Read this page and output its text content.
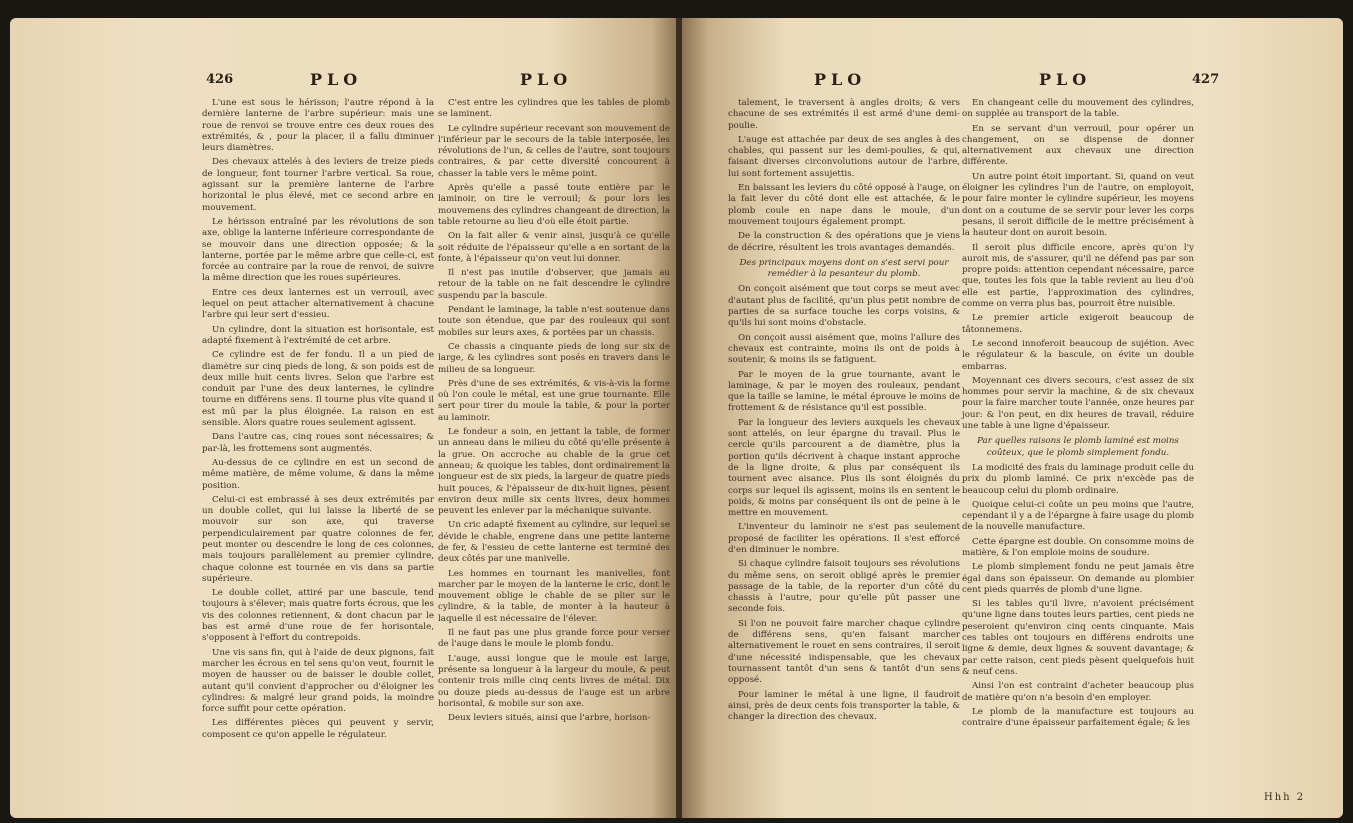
426	PLO	PLO

L'une est sous le hérisson; l'autre répond à la dernière lanterne de l'arbre supérieur: mais une roue de renvoi se trouve entre ces deux roues des extrémités, & , pour la placer, il a fallu diminuer leurs diamètres.

Des chevaux attelés à des leviers de treize pieds de longueur, font tourner l'arbre vertical. Sa roue, agissant sur la première lanterne de l'arbre horizontal le plus élevé, met ce second arbre en mouvement.

Le hérisson entraîné par les révolutions de son axe, oblige la lanterne inférieure correspondante de se mouvoir dans une direction opposée; & la lanterne, portée par le même arbre que celle-ci, est forcée au contraire par la roue de renvoi, de suivre la même direction que les roues supérieures.

Entre ces deux lanternes est un verrouil, avec lequel on peut attacher alternativement à chacune l'arbre qui leur sert d'essieu.

Un cylindre, dont la situation est horisontale, est adapté fixement à l'extrémité de cet arbre.

Ce cylindre est de fer fondu. Il a un pied de diamètre sur cinq pieds de long, & son poids est de deux mille huit cents livres. Selon que l'arbre est conduit par l'une des deux lanternes, le cylindre tourne en différens sens. Il tourne plus vîte quand il est mû par la plus éloignée. La raison en est sensible. Alors quatre roues seulement agissent.

Dans l'autre cas, cinq roues sont nécessaires; & par-là, les frottemens sont augmentés.

Au-dessus de ce cylindre en est un second de même matière, de même volume, & dans la même position.

Celui-ci est embrassé à ses deux extrémités par un double collet, qui lui laisse la liberté de se mouvoir sur son axe, qui traverse perpendiculairement par quatre colonnes de fer, peut monter ou descendre le long de ces colonnes, mais toujours parallèlement au premier cylindre, chaque colonne est tournée en vis dans sa partie supérieure.

Le double collet, attiré par une bascule, tend toujours à s'élever; mais quatre forts écrous, que les vis des colonnes retiennent, & dont chacun par le bas est armé d'une roue de fer horisontale, s'opposent à l'effort du contrepoids.

Une vis sans fin, qui à l'aide de deux pignons, fait marcher les écrous en tel sens qu'on veut, fournit le moyen de hausser ou de baisser le double collet, autant qu'il convient d'approcher ou d'éloigner les cylindres: & malgré leur grand poids, la moindre force suffit pour cette opération.

Les différentes pièces qui peuvent y servir, composent ce qu'on appelle le régulateur.

C'est entre les cylindres que les tables de plomb se laminent.

Le cylindre supérieur recevant son mouvement de l'inférieur par le secours de la table interposée, les révolutions de l'un, & celles de l'autre, sont toujours contraires, & par cette diversité concourent à chasser la table vers le même point.

Après qu'elle a passé toute entière par le laminoir, on tire le verrouil; & pour lors les mouvemens des cylindres changeant de direction, la table retourne au lieu d'où elle étoit partie.

On la fait aller & venir ainsi, jusqu'à ce qu'elle soit réduite de l'épaisseur qu'elle a en sortant de la fonte, à l'épaisseur qu'on veut lui donner.

Il n'est pas inutile d'observer, que jamais au retour de la table on ne fait descendre le cylindre suspendu par la bascule.

Pendant le laminage, la table n'est soutenue dans toute son étendue, que par des rouleaux qui sont mobiles sur leurs axes, & portées par un chassis.

Ce chassis a cinquante pieds de long sur six de large, & les cylindres sont posés en travers dans le milieu de sa longueur.

Près d'une de ses extrémités, & vis-à-vis la forme où l'on coule le métal, est une grue tournante. Elle sert pour tirer du moule la table, & pour la porter au laminoir.

Le fondeur a soin, en jettant la table, de former un anneau dans le milieu du côté qu'elle présente à la grue. On accroche au chable de la grue cet anneau; & quoique les tables, dont ordinairement la longueur est de six pieds, la largeur de quatre pieds huit pouces, & l'épaisseur de dix-huit lignes, pèsent environ deux mille six cents livres, deux hommes peuvent les enlever par la méchanique suivante.

Un cric adapté fixement au cylindre, sur lequel se dévide le chable, engrene dans une petite lanterne de fer, & l'essieu de cette lanterne est terminé des deux côtés par une manivelle.

Les hommes en tournant les manivelles, font marcher par le moyen de la lanterne le cric, dont le mouvement oblige le chable de se plier sur le cylindre, & la table, de monter à la hauteur à laquelle il est nécessaire de l'élever.

Il ne faut pas une plus grande force pour verser de l'auge dans le moule le plomb fondu.

L'auge, aussi longue que le moule est large, présente sa longueur à la largeur du moule, & peut contenir trois mille cinq cents livres de métal. Dix ou douze pieds au-dessus de l'auge est un arbre horisontal, & mobile sur son axe.

Deux leviers situés, ainsi que l'arbre, horison-

PLO	PLO	427

talement, le traversent à angles droits; & vers chacune de ses extrémités il est armé d'une demi-poulie.

L'auge est attachée par deux de ses angles à des chables, qui passent sur les demi-poulies, & qui, faisant diverses circonvolutions autour de l'arbre, lui sont fortement assujettis.

En baissant les leviers du côté opposé à l'auge, on la fait lever du côté dont elle est attachée, & le plomb coule en nape dans le moule, d'un mouvement toujours également prompt.

De la construction & des opérations que je viens de décrire, résultent les trois avantages demandés.

Des principaux moyens dont on s'est servi pour remédier à la pesanteur du plomb.

On conçoit aisément que tout corps se meut avec d'autant plus de facilité, qu'un plus petit nombre de parties de sa surface touche les corps voisins, & qu'ils lui sont moins d'obstacle.

On conçoit aussi aisément que, moins l'allure des chevaux est contrainte, moins ils ont de poids à soutenir, & moins ils se fatiguent.

Par le moyen de la grue tournante, avant le laminage, & par le moyen des rouleaux, pendant que la taille se lamine, le métal éprouve le moins de frottement & de résistance qu'il est possible.

Par la longueur des leviers auxquels les chevaux sont attelés, on leur épargne du travail. Plus le cercle qu'ils parcourent a de diamètre, plus la portion qu'ils décrivent à chaque instant approche de la ligne droite, & plus par conséquent ils tournent avec aisance. Plus ils sont éloignés du corps sur lequel ils agissent, moins ils en sentent le poids, & moins par conséquent ils ont de peine à le mettre en mouvement.

L'inventeur du laminoir ne s'est pas seulement proposé de faciliter les opérations. Il s'est efforcé d'en diminuer le nombre.

Si chaque cylindre faisoit toujours ses révolutions du même sens, on seroit obligé après le premier passage de la table, de la reporter d'un côté du chassis à l'autre, pour qu'elle pût passer une seconde fois.

Si l'on ne pouvoit faire marcher chaque cylindre de différens sens, qu'en faisant marcher alternativement le rouet en sens contraires, il seroit d'une nécessité indispensable, que les chevaux tournassent tantôt d'un sens & tantôt d'un sens opposé.

Pour laminer le métal à une ligne, il faudroit ainsi, près de deux cents fois transporter la table, & changer la direction des chevaux.

En changeant celle du mouvement des cylindres, on supplée au transport de la table.

En se servant d'un verrouil, pour opérer un changement, on se dispense de donner alternativement aux chevaux une direction différente.

Un autre point étoit important. Si, quand on veut éloigner les cylindres l'un de l'autre, on employoit, pour faire monter le cylindre supérieur, les moyens dont on a coutume de se servir pour lever les corps pesans, il seroit difficile de le mettre précisément à la hauteur dont on auroit besoin.

Il seroit plus difficile encore, après qu'on l'y auroit mis, de s'assurer, qu'il ne défend pas par son propre poids: attention cependant nécessaire, parce que, toutes les fois que la table revient au lieu d'où elle est partie, l'approximation des cylindres, comme on verra plus bas, pourroit être nuisible.

Le premier article exigeroit beaucoup de tâtonnemens.

Le second innoferoit beaucoup de sujétion. Avec le régulateur & la bascule, on évite un double embarras.

Moyennant ces divers secours, c'est assez de six hommes pour servir la machine, & de six chevaux pour la faire marcher toute l'année, onze heures par jour: & l'on peut, en dix heures de travail, réduire une table à une ligne d'épaisseur.

Par quelles raisons le plomb laminé est moins coûteux, que le plomb simplement fondu.

La modicité des frais du laminage produit celle du prix du plomb laminé. Ce prix n'excède pas de beaucoup celui du plomb ordinaire.

Quoique celui-ci coûte un peu moins que l'autre, cependant il y a de l'épargne à faire usage du plomb de la nouvelle manufacture.

Cette épargne est double. On consomme moins de matière, & l'on emploie moins de soudure.

Le plomb simplement fondu ne peut jamais être égal dans son épaisseur. On demande au plombier cent pieds quarrés de plomb d'une ligne.

Si les tables qu'il livre, n'avoient précisément qu'une ligne dans toutes leurs parties, cent pieds ne peseroient qu'environ cinq cents cinquante. Mais ces tables ont toujours en différens endroits une ligne & demie, deux lignes & souvent davantage; & par cette raison, cent pieds pèsent quelquefois huit & neuf cens.

Ainsi l'on est contraint d'acheter beaucoup plus de matière qu'on n'a besoin d'en employer.

Le plomb de la manufacture est toujours au contraire d'une épaisseur parfaitement égale; & les

Hhh 2
